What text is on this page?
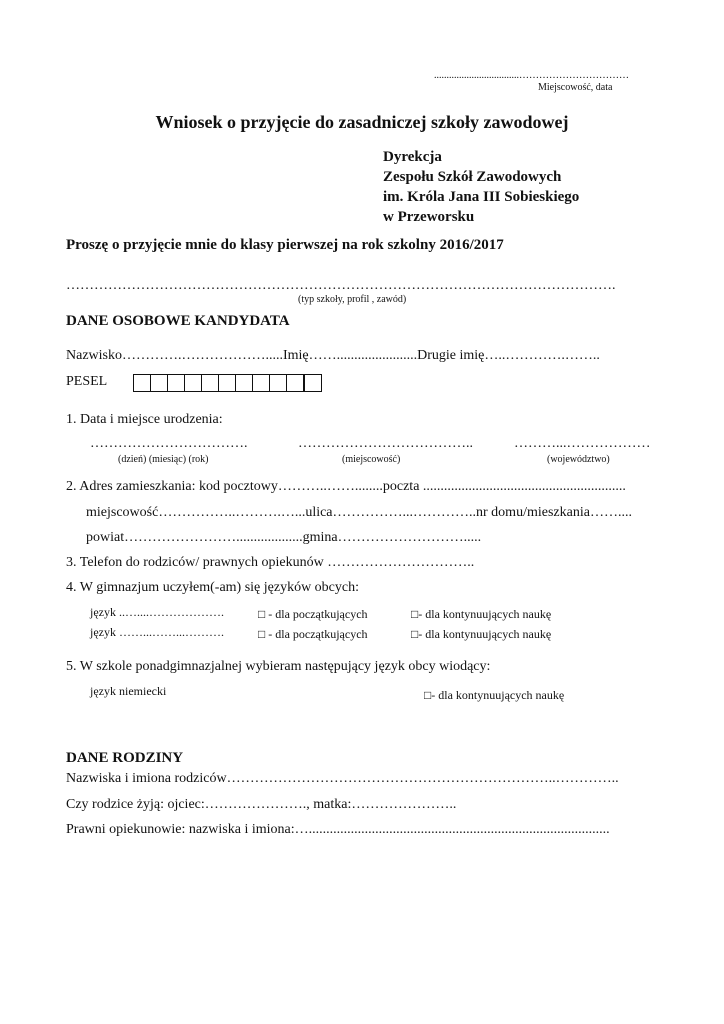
..................................……………………………
Miejscowość, data
Wniosek o przyjęcie do zasadniczej szkoły zawodowej
Dyrekcja
Zespołu Szkół Zawodowych
im. Króla Jana III Sobieskiego
w Przeworsku
Proszę o przyjęcie mnie do klasy pierwszej na rok szkolny 2016/2017
……………………………………………………………………………………………………….
(typ szkoły, profil , zawód)
DANE OSOBOWE KANDYDATA
Nazwisko………….……………….....Imię…….......................Drugie imię…..………….……..
PESEL
1. Data i miejsce urodzenia:
…………………………….	………………………………..	………...………………
(dzień) (miesiąc) (rok)	(miejscowość)	(województwo)
2. Adres zamieszkania: kod pocztowy………..……........poczta ..........................................................
miejscowość……………..……….…...ulica……………...…………..nr domu/mieszkania……....
powiat……………………...................gmina……………………….....
3. Telefon do rodziców/ prawnych opiekunów …………………………..
4. W gimnazjum uczyłem(-am) się języków obcych:
język ..…....……………….	□ - dla początkujących	□- dla kontynuujących naukę
język ……...……...……….	□ - dla początkujących	□- dla kontynuujących naukę
5. W szkole ponadgimnazjalnej wybieram następujący język obcy wiodący:
język niemiecki	□- dla kontynuujących naukę
DANE RODZINY
Nazwiska i imiona rodziców……………………………………………………………..…………..
Czy rodzice żyją: ojciec:…………………., matka:…………………..
Prawni opiekunowie: nazwiska i imiona:…......................................................................................
